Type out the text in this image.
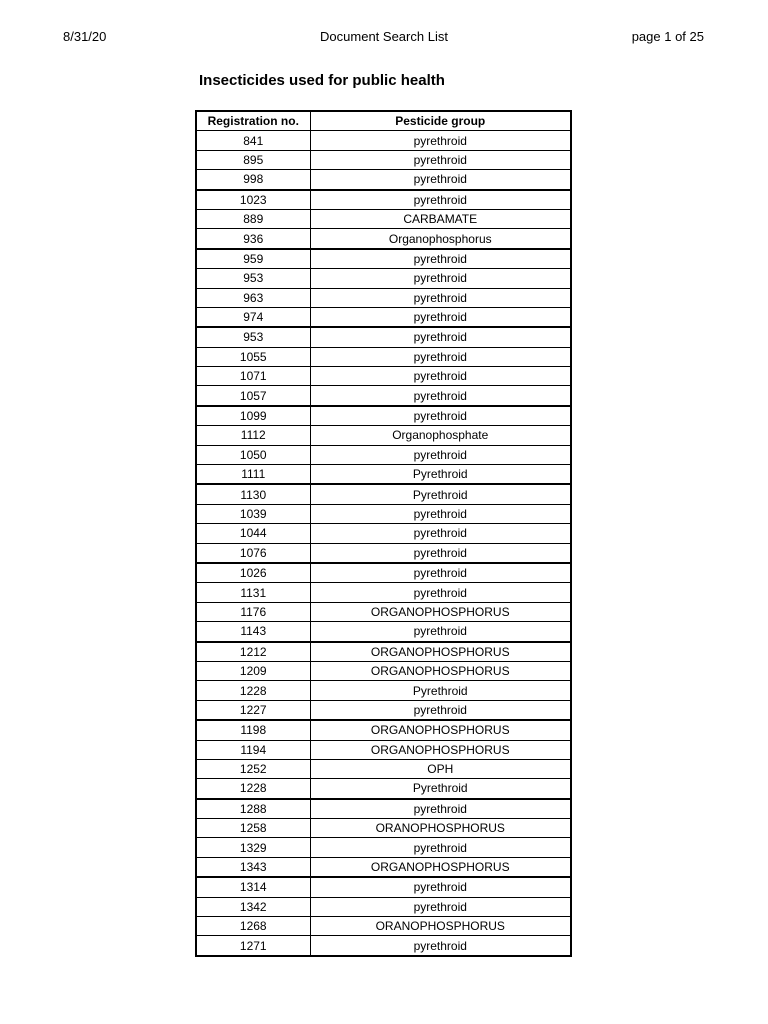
8/31/20	Document Search List	page 1 of 25
Insecticides used for public health
Registration no.	Pesticide group
841	pyrethroid
895	pyrethroid
998	pyrethroid
1023	pyrethroid
889	CARBAMATE
936	Organophosphorus
959	pyrethroid
953	pyrethroid
963	pyrethroid
974	pyrethroid
953	pyrethroid
1055	pyrethroid
1071	pyrethroid
1057	pyrethroid
1099	pyrethroid
1112	Organophosphate
1050	pyrethroid
1111	Pyrethroid
1130	Pyrethroid
1039	pyrethroid
1044	pyrethroid
1076	pyrethroid
1026	pyrethroid
1131	pyrethroid
1176	ORGANOPHOSPHORUS
1143	pyrethroid
1212	ORGANOPHOSPHORUS
1209	ORGANOPHOSPHORUS
1228	Pyrethroid
1227	pyrethroid
1198	ORGANOPHOSPHORUS
1194	ORGANOPHOSPHORUS
1252	OPH
1228	Pyrethroid
1288	pyrethroid
1258	ORANOPHOSPHORUS
1329	pyrethroid
1343	ORGANOPHOSPHORUS
1314	pyrethroid
1342	pyrethroid
1268	ORANOPHOSPHORUS
1271	pyrethroid
